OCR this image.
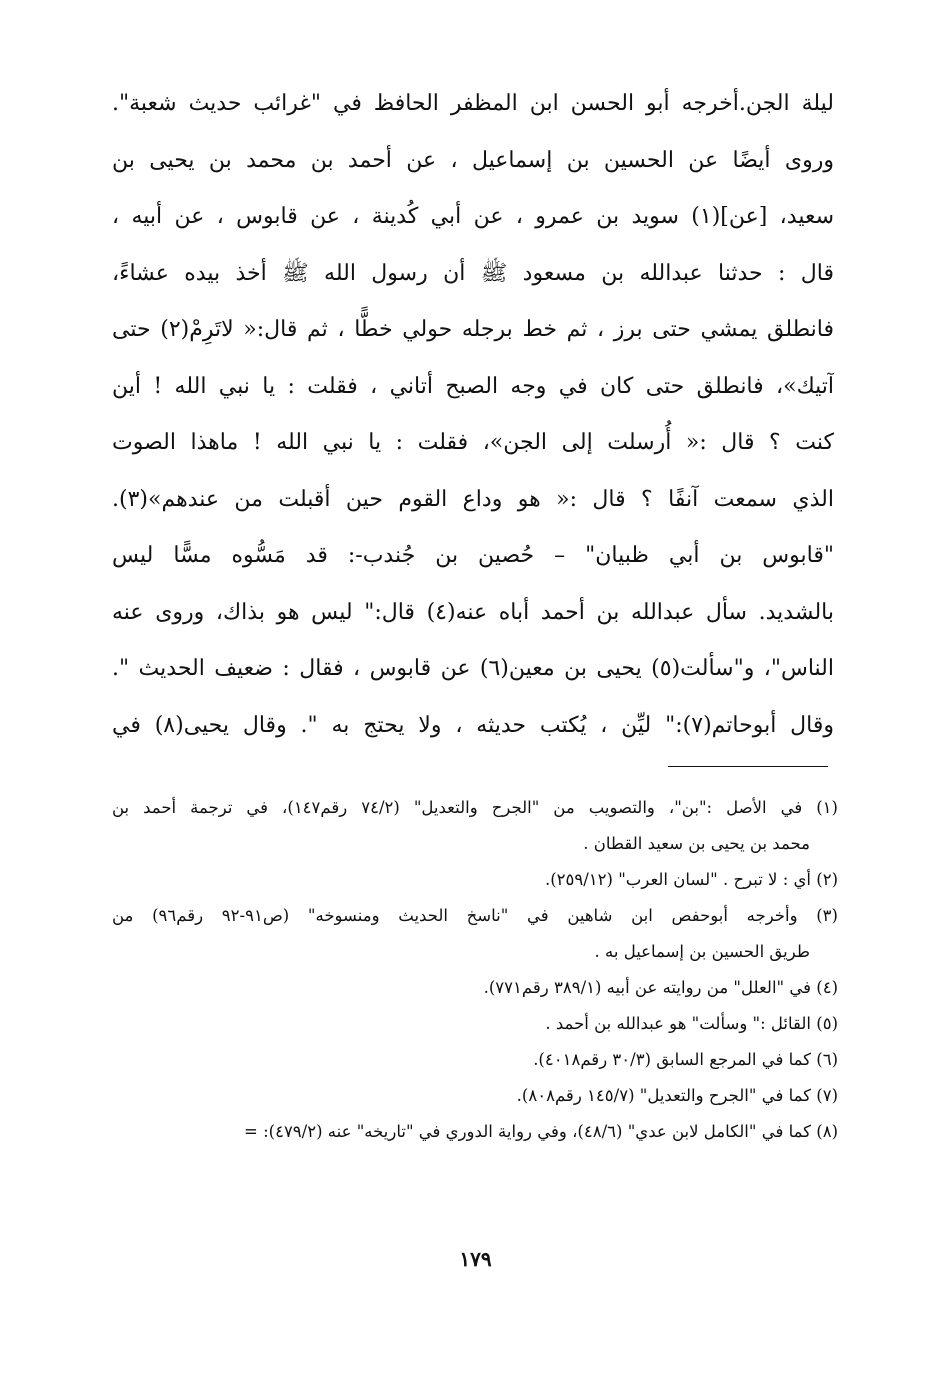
ليلة الجن.أخرجه أبو الحسن ابن المظفر الحافظ في "غرائب حديث شعبة".
وروى أيضًا عن الحسين بن إسماعيل ، عن أحمد بن محمد بن يحيى بن
سعيد، [عن](١) سويد بن عمرو ، عن أبي كُدينة ، عن قابوس ، عن أبيه ،
قال : حدثنا عبدالله بن مسعود ﷺ أن رسول الله ﷺ أخذ بيده عشاءً،
فانطلق يمشي حتى برز ، ثم خط برجله حولي خطًّا ، ثم قال:« لاتَرِمْ(٢) حتى
آتيك»، فانطلق حتى كان في وجه الصبح أتاني ، فقلت : يا نبي الله ! أين
كنت ؟ قال :« أُرسلت إلى الجن»، فقلت : يا نبي الله ! ماهذا الصوت
الذي سمعت آنفًا ؟ قال :« هو وداع القوم حين أقبلت من عندهم»(٣).
"قابوس بن أبي ظبيان" – حُصين بن جُندب-: قد مَسُّوه مسًّا ليس
بالشديد. سأل عبدالله بن أحمد أباه عنه(٤) قال:" ليس هو بذاك، وروى عنه
الناس"، و"سألت(٥) يحيى بن معين(٦) عن قابوس ، فقال : ضعيف الحديث ".
وقال أبوحاتم(٧):" ليِّن ، يُكتب حديثه ، ولا يحتج به ". وقال يحيى(٨) في
(١) في الأصل :"بن"، والتصويب من "الجرح والتعديل" (٧٤/٢ رقم١٤٧)، في ترجمة أحمد بن
محمد بن يحيى بن سعيد القطان .
(٢) أي : لا تبرح . "لسان العرب" (٢٥٩/١٢).
(٣) وأخرجه أبوحفص ابن شاهين في "ناسخ الحديث ومنسوخه" (ص٩١-٩٢ رقم٩٦) من
طريق الحسين بن إسماعيل به .
(٤) في "العلل" من روايته عن أبيه (٣٨٩/١ رقم٧٧١).
(٥) القائل :" وسألت" هو عبدالله بن أحمد .
(٦) كما في المرجع السابق (٣٠/٣ رقم٤٠١٨).
(٧) كما في "الجرح والتعديل" (١٤٥/٧ رقم٨٠٨).
(٨) كما في "الكامل لابن عدي" (٤٨/٦)، وفي رواية الدوري في "تاريخه" عنه (٤٧٩/٢): =
١٧٩
